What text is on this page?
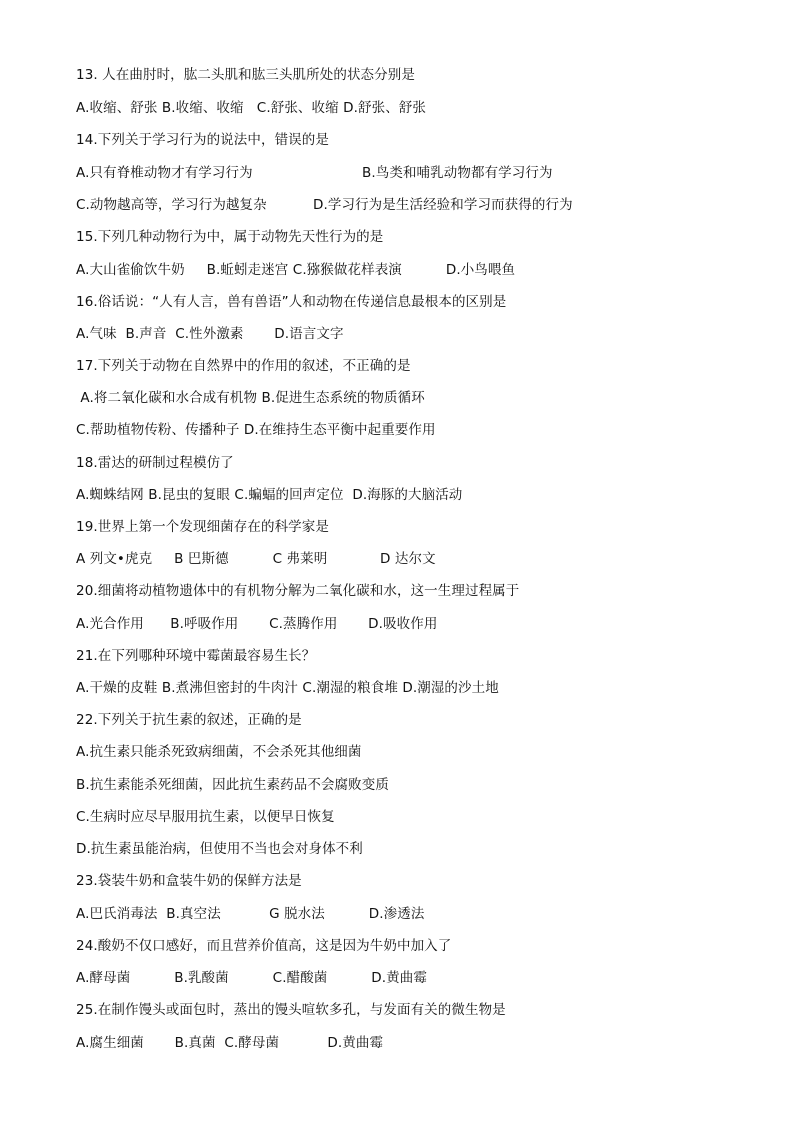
13. 人在曲肘时，肱二头肌和肱三头肌所处的状态分别是
A.收缩、舒张 B.收缩、收缩   C.舒张、收缩 D.舒张、舒张
14.下列关于学习行为的说法中，错误的是
A.只有脊椎动物才有学习行为	B.鸟类和哺乳动物都有学习行为
C.动物越高等，学习行为越复杂	D.学习行为是生活经验和学习而获得的行为
15.下列几种动物行为中，属于动物先天性行为的是
A.大山雀偷饮牛奶     B.蚯蚓走迷宫 C.猕猴做花样表演          D.小鸟喂鱼
16.俗话说：“人有人言，兽有兽语”人和动物在传递信息最根本的区别是
A.气味  B.声音  C.性外激素       D.语言文字
17.下列关于动物在自然界中的作用的叙述，不正确的是
A.将二氧化碳和水合成有机物 B.促进生态系统的物质循环
C.帮助植物传粉、传播种子 D.在维持生态平衡中起重要作用
18.雷达的研制过程模仿了
A.蜘蛛结网 B.昆虫的复眼 C.蝙蝠的回声定位  D.海豚的大脑活动
19.世界上第一个发现细菌存在的科学家是
A 列文•虎克     B 巴斯德          C 弗莱明            D 达尔文
20.细菌将动植物遗体中的有机物分解为二氧化碳和水，这一生理过程属于
A.光合作用      B.呼吸作用       C.蒸腾作用       D.吸收作用
21.在下列哪种环境中霉菌最容易生长？
A.干燥的皮鞋 B.煮沸但密封的牛肉汁 C.潮湿的粮食堆 D.潮湿的沙土地
22.下列关于抗生素的叙述，正确的是
A.抗生素只能杀死致病细菌，不会杀死其他细菌
B.抗生素能杀死细菌，因此抗生素药品不会腐败变质
C.生病时应尽早服用抗生素，以便早日恢复
D.抗生素虽能治病，但使用不当也会对身体不利
23.袋装牛奶和盒装牛奶的保鲜方法是
A.巴氏消毒法  B.真空法           G 脱水法          D.渗透法
24.酸奶不仅口感好，而且营养价值高，这是因为牛奶中加入了
A.酵母菌          B.乳酸菌          C.醋酸菌          D.黄曲霉
25.在制作馒头或面包时，蒸出的馒头喧软多孔，与发面有关的微生物是
A.腐生细菌       B.真菌  C.酵母菌           D.黄曲霉
